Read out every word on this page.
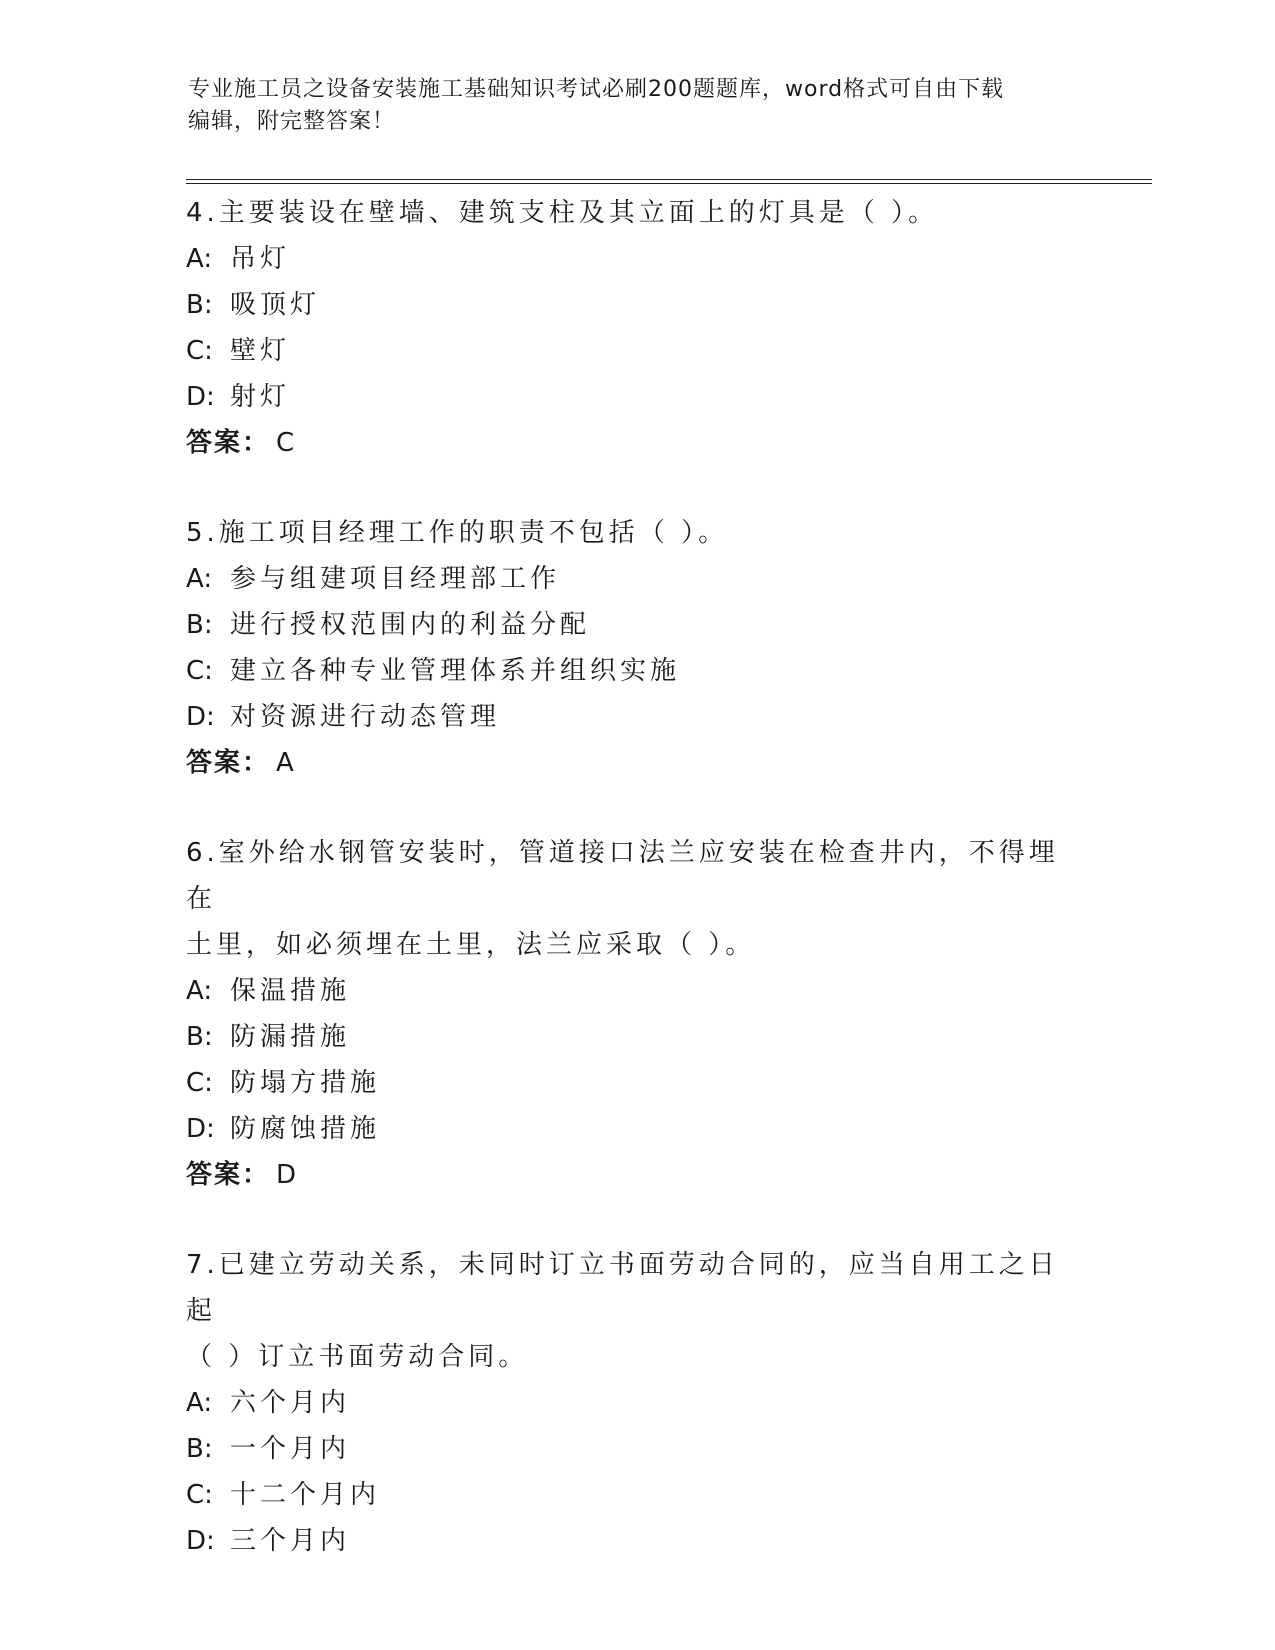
专业施工员之设备安装施工基础知识考试必刷200题题库，word格式可自由下载
编辑，附完整答案！
4.主要装设在壁墙、建筑支柱及其立面上的灯具是（ ）。
A: 吊灯
B: 吸顶灯
C: 壁灯
D: 射灯
答案： C
5.施工项目经理工作的职责不包括（ ）。
A: 参与组建项目经理部工作
B: 进行授权范围内的利益分配
C: 建立各种专业管理体系并组织实施
D: 对资源进行动态管理
答案： A
6.室外给水钢管安装时，管道接口法兰应安装在检查井内，不得埋在
土里，如必须埋在土里，法兰应采取（ ）。
A: 保温措施
B: 防漏措施
C: 防塌方措施
D: 防腐蚀措施
答案： D
7.已建立劳动关系，未同时订立书面劳动合同的，应当自用工之日起
（ ）订立书面劳动合同。
A: 六个月内
B: 一个月内
C: 十二个月内
D: 三个月内
